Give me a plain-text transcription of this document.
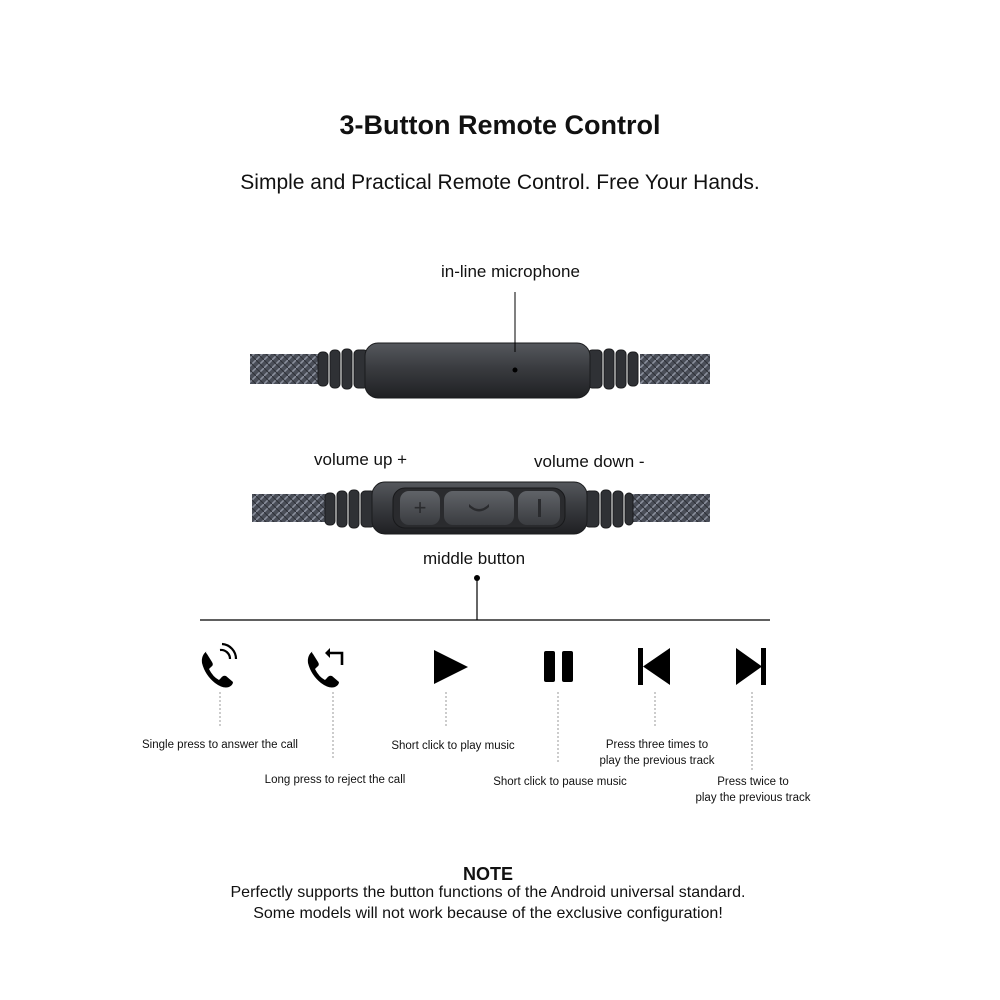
3-Button Remote Control
Simple and Practical Remote Control. Free Your Hands.
+
in-line microphone
volume up +	volume down -
middle button
Single press to answer the call
Long press to reject the call
Short click to play music
Short click to pause music
Press three times to
play the previous track
Press twice to
play the previous track
NOTE
Perfectly supports the button functions of the Android universal standard.
Some models will not work because of the exclusive configuration!
